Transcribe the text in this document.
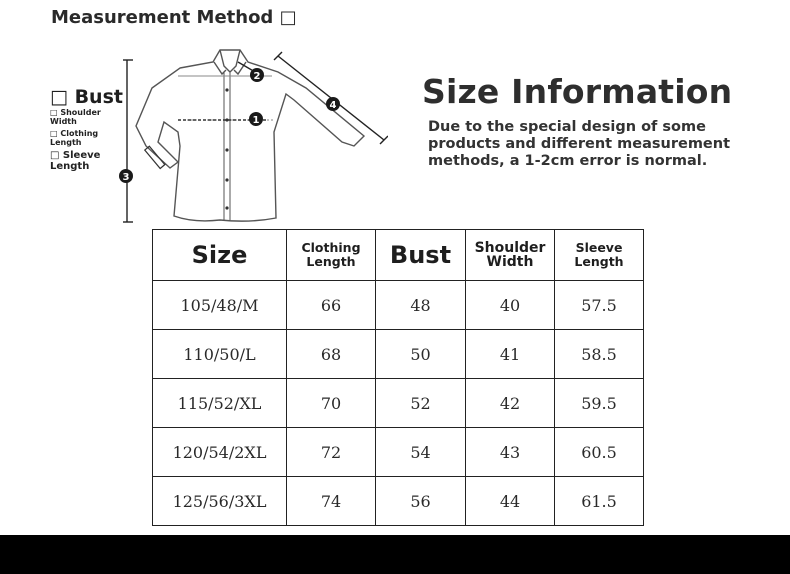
Measurement Method □
□ Bust
□ Shoulder Width
□ Clothing Length
□ Sleeve Length
1
2
3
4	Size Information
Due to the special design of some products and different measurement methods, a 1-2cm error is normal.
Size	Clothing Length	Bust	Shoulder Width	Sleeve Length
105/48/M	66	48	40	57.5
110/50/L	68	50	41	58.5
115/52/XL	70	52	42	59.5
120/54/2XL	72	54	43	60.5
125/56/3XL	74	56	44	61.5
